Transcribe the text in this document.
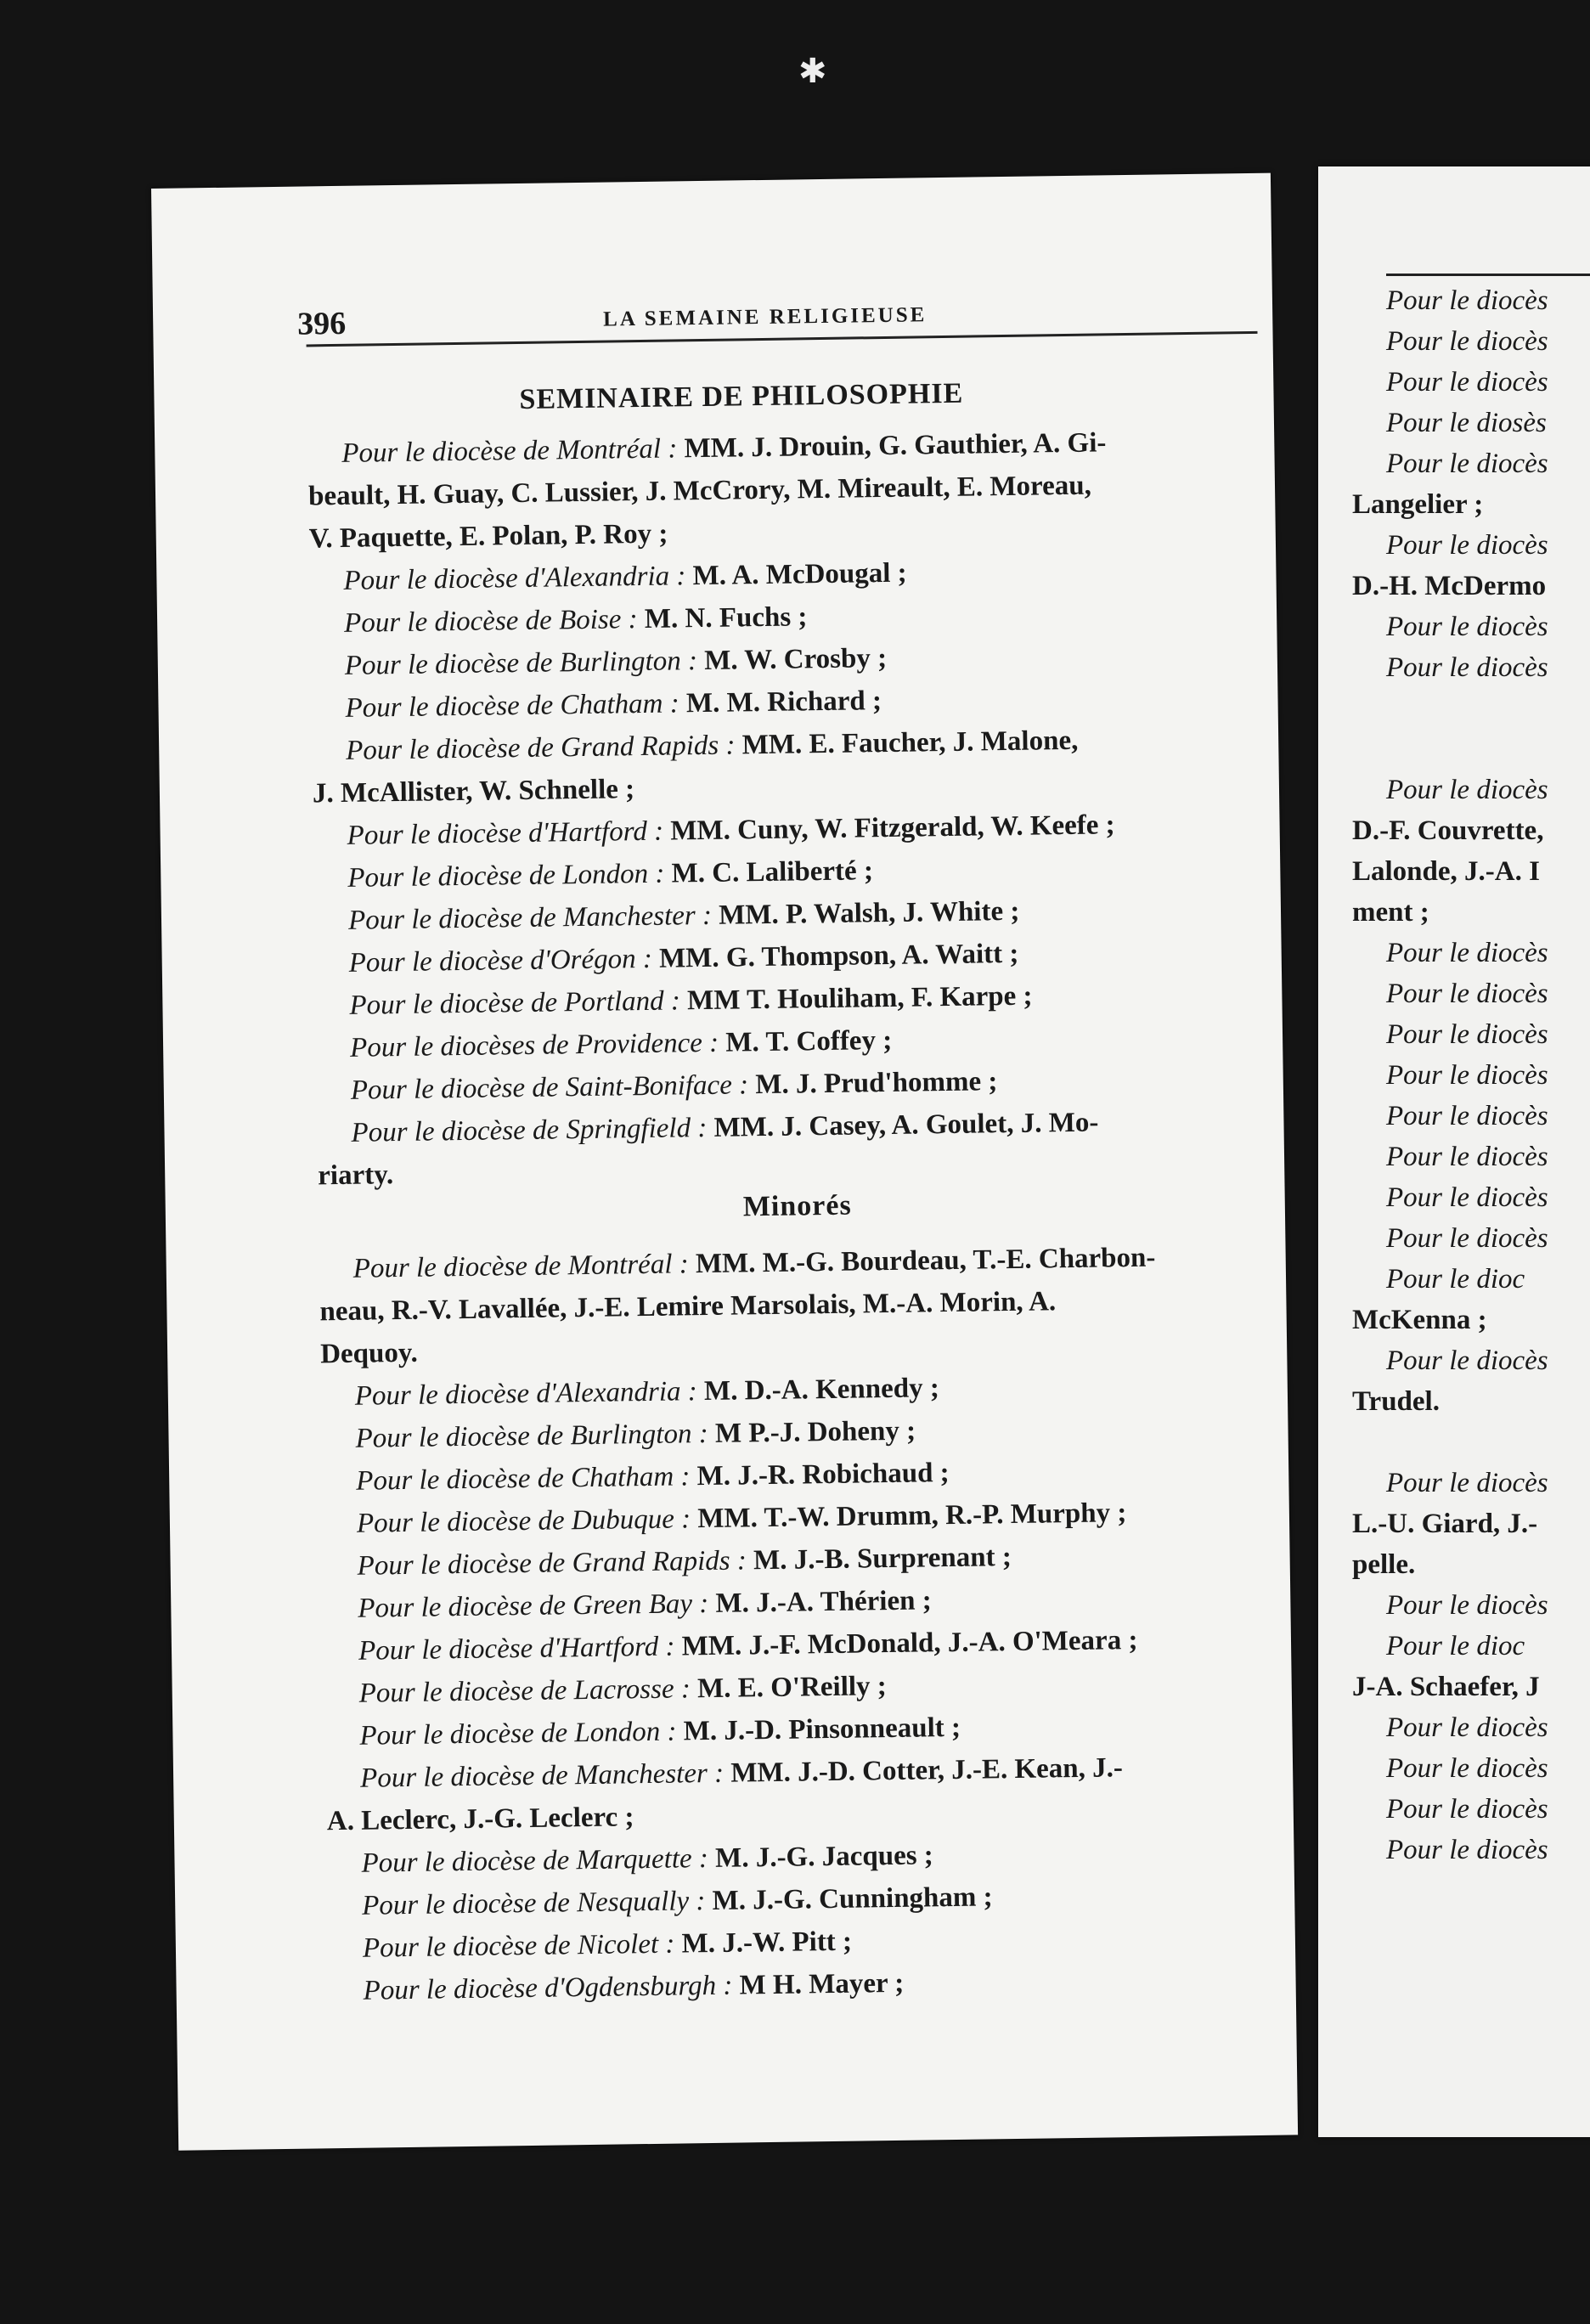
396	LA SEMAINE RELIGIEUSE
SEMINAIRE DE PHILOSOPHIE
Pour le diocèse de Montréal : MM. J. Drouin, G. Gauthier, A. Gi-
beault, H. Guay, C. Lussier, J. McCrory, M. Mireault, E. Moreau,
V. Paquette, E. Polan, P. Roy ;
Pour le diocèse d'Alexandria : M. A. McDougal ;
Pour le diocèse de Boise : M. N. Fuchs ;
Pour le diocèse de Burlington : M. W. Crosby ;
Pour le diocèse de Chatham : M. M. Richard ;
Pour le diocèse de Grand Rapids : MM. E. Faucher, J. Malone,
J. McAllister, W. Schnelle ;
Pour le diocèse d'Hartford : MM. Cuny, W. Fitzgerald, W. Keefe ;
Pour le diocèse de London : M. C. Laliberté ;
Pour le diocèse de Manchester : MM. P. Walsh, J. White ;
Pour le diocèse d'Orégon : MM. G. Thompson, A. Waitt ;
Pour le diocèse de Portland : MM T. Houliham, F. Karpe ;
Pour le diocèses de Providence : M. T. Coffey ;
Pour le diocèse de Saint-Boniface : M. J. Prud'homme ;
Pour le diocèse de Springfield : MM. J. Casey, A. Goulet, J. Mo-
riarty.
Minorés
Pour le diocèse de Montréal : MM. M.-G. Bourdeau, T.-E. Charbon-
neau, R.-V. Lavallée, J.-E. Lemire Marsolais, M.-A. Morin, A.
Dequoy.
Pour le diocèse d'Alexandria : M. D.-A. Kennedy ;
Pour le diocèse de Burlington : M P.-J. Doheny ;
Pour le diocèse de Chatham : M. J.-R. Robichaud ;
Pour le diocèse de Dubuque : MM. T.-W. Drumm, R.-P. Murphy ;
Pour le diocèse de Grand Rapids : M. J.-B. Surprenant ;
Pour le diocèse de Green Bay : M. J.-A. Thérien ;
Pour le diocèse d'Hartford : MM. J.-F. McDonald, J.-A. O'Meara ;
Pour le diocèse de Lacrosse : M. E. O'Reilly ;
Pour le diocèse de London : M. J.-D. Pinsonneault ;
Pour le diocèse de Manchester : MM. J.-D. Cotter, J.-E. Kean, J.-
A. Leclerc, J.-G. Leclerc ;
Pour le diocèse de Marquette : M. J.-G. Jacques ;
Pour le diocèse de Nesqually : M. J.-G. Cunningham ;
Pour le diocèse de Nicolet : M. J.-W. Pitt ;
Pour le diocèse d'Ogdensburgh : M H. Mayer ;
Pour le diocès
Pour le diocès
Pour le diocès
Pour le diosès
Pour le diocès
Langelier ;
Pour le diocès
D.-H. McDermo
Pour le diocès
Pour le diocès
Pour le diocès
D.-F. Couvrette,
Lalonde, J.-A. I
ment ;
Pour le diocès
Pour le diocès
Pour le diocès
Pour le diocès
Pour le diocès
Pour le diocès
Pour le diocès
Pour le diocès
Pour le dioc
McKenna ;
Pour le diocès
Trudel.
Pour le diocès
L.-U. Giard, J.-
pelle.
Pour le diocès
Pour le dioc
J-A. Schaefer, J
Pour le diocès
Pour le diocès
Pour le diocès
Pour le diocès
✱
